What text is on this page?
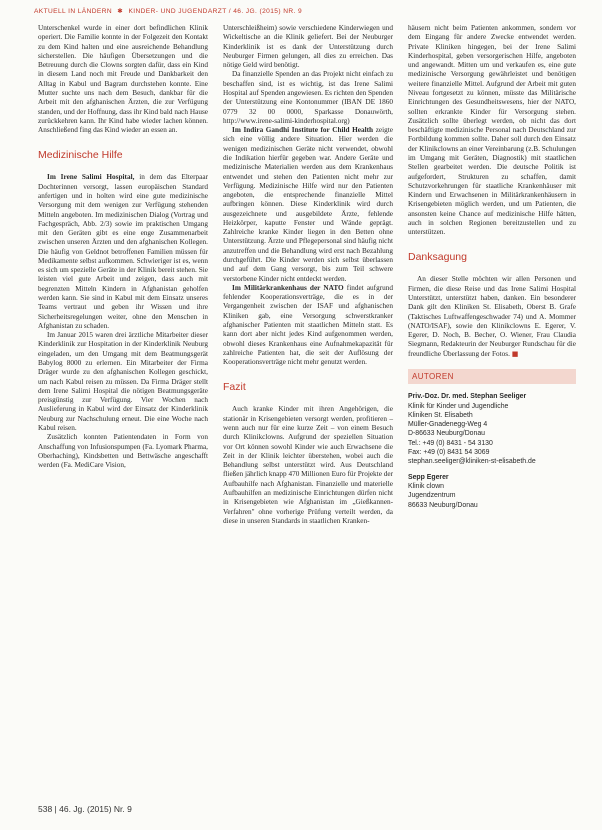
AKTUELL IN LÄNDERN ✱ KINDER- UND JUGENDARZT / 46. JG. (2015) NR. 9

Unterschenkel wurde in einer dort befindlichen Klinik operiert. Die Familie konnte in der Folgezeit den Kontakt zu dem Kind halten und eine ausreichende Behandlung sicherstellen. Die häufigen Übersetzungen und die Betreuung durch die Clowns sorgten dafür, dass ein Kind in diesem Land noch mit Freude und Dankbarkeit den Alltag in Kabul und Bagram durchstehen konnte. Eine Mutter suchte uns nach dem Besuch, dankbar für die Arbeit mit den afghanischen Ärzten, die zur Verfügung standen, und der Hoffnung, dass ihr Kind bald nach Hause zurückkehren kann. Ihr Kind habe wieder lachen können. Anschließend fing das Kind wieder an essen an.

Medizinische Hilfe

Im Irene Salimi Hospital, in dem das Elterpaar Dochterinnen versorgt, lassen europäischen Standard anfertigen und in holten wird eine gute medizinische Versorgung mit dem wenigen zur Verfügung stehenden Mitteln angeboten. Im medizinischen Dialog (Vortrag und Fachgespräch, Abb. 2/3) sowie im praktischen Umgang mit den Geräten gibt es eine enge Zusammenarbeit zwischen unseren Ärzten und den afghanischen Kollegen. Die häufig von Geldnot betroffenen Familien müssen für Medikamente selbst aufkommen. Schwieriger ist es, wenn es sich um spezielle Geräte in der Klinik bereit stehen. Sie leisten viel gute Arbeit und zeigen, dass auch mit begrenzten Mitteln Kindern in Afghanistan geholfen werden kann. Sie sind in Kabul mit dem Einsatz unseres Teams vertraut und geben ihr Wissen und ihre Sicherheitsregelungen weiter, ohne den Menschen in Afghanistan zu schaden.

Im Januar 2015 waren drei ärztliche Mitarbeiter dieser Kinderklinik zur Hospitation in der Kinderklinik Neuburg eingeladen, um den Umgang mit dem Beatmungsgerät Babylog 8000 zu erlernen. Ein Mitarbeiter der Firma Dräger wurde zu den afghanischen Kollegen geschickt, um nach Kabul reisen zu müssen. Da Firma Dräger stellt dem Irene Salimi Hospital die nötigen Beatmungsgeräte preisgünstig zur Verfügung. Vier Wochen nach Auslieferung in Kabul wird der Einsatz der Kinderklinik Neuburg zur Nachschulung erneut. Die eine Woche nach Kabul reisen.

Zusätzlich konnten Patientendaten in Form von Anschaffung von Infusionspumpen (Fa. Lyomark Pharma, Oberhaching), Kindsbetten und Bettwäsche angeschafft werden (Fa. MediCare Vision,

Unterschleißheim) sowie verschiedene Kinderwiegen und Wickeltische an die Klinik geliefert. Bei der Neuburger Kinderklinik ist es dank der Unterstützung durch Neuburger Firmen gelungen, all dies zu erreichen. Das nötige Geld wird benötigt.

Da finanzielle Spenden an das Projekt nicht einfach zu beschaffen sind, ist es wichtig, ist das Irene Salimi Hospital auf Spenden angewiesen. Es richten den Spenden der Unterstützung eine Kontonummer (IBAN DE 1860 0779 32 00 0000, Sparkasse Donauwörth, http://www.irene-salimi-kinderhospital.org)

Im Indira Gandhi Institute for Child Health zeigte sich eine völlig andere Situation. Hier werden die wenigen medizinischen Geräte nicht verwendet, obwohl die Indikation hierfür gegeben war. Andere Geräte und medizinische Materialien werden aus dem Krankenhaus entwendet und stehen den Patienten nicht mehr zur Verfügung. Medizinische Hilfe wird nur den Patienten angeboten, die entsprechende finanzielle Mittel aufbringen können. Diese Kinderklinik wird durch ausgezeichnete und ausgebildete Ärzte, fehlende Heizkörper, kaputte Fenster und Wände geprägt. Zahlreiche kranke Kinder liegen in den Betten ohne Unterstützung. Ärzte und Pflegepersonal sind häufig nicht anzutreffen und die Behandlung wird erst nach Bezahlung durchgeführt. Die Kinder werden sich selbst überlassen und auf dem Gang versorgt, bis zum Teil schwere verstorbene Kinder nicht entdeckt werden.

Im Militärkrankenhaus der NATO findet aufgrund fehlender Kooperationsverträge, die es in der Vergangenheit zwischen der ISAF und afghanischen Kliniken gab, eine Versorgung schwerstkranker afghanischer Patienten mit staatlichen Mitteln statt. Es kann dort aber nicht jedes Kind aufgenommen werden, obwohl dieses Krankenhaus eine Aufnahmekapazität für zahlreiche Patienten hat, die seit der Auflösung der Kooperationsverträge nicht mehr genutzt werden.

Fazit

Auch kranke Kinder mit ihren Angehörigen, die stationär in Krisengebieten versorgt werden, profitieren – wenn auch nur für eine kurze Zeit – von einem Besuch durch Klinikclowns. Aufgrund der speziellen Situation vor Ort können sowohl Kinder wie auch Erwachsene die Zeit in der Klinik leichter überstehen, wobei auch die Behandlung selbst unterstützt wird. Aus Deutschland fließen jährlich knapp 470 Millionen Euro für Projekte der Aufbauhilfe nach Afghanistan. Finanzielle und materielle Aufbauhilfen an medizinische Einrichtungen dürfen nicht in Krisengebieten wie Afghanistan im „Gießkannen-Verfahren" ohne vorherige Prüfung verteilt werden, da diese in unseren Standards in staatlichen Kranken-

häusern nicht beim Patienten ankommen, sondern vor dem Eingang für andere Zwecke entwendet werden. Private Kliniken hingegen, bei der Irene Salimi Kinderhospital, geben versorgerischen Hilfe, angeboten und angewandt. Mitten um und verkaufen es, eine gute medizinische Versorgung gewährleistet und benötigen weitere finanzielle Mittel. Aufgrund der Arbeit mit guten Niveau fortgesetzt zu können, müsste das Militärische Einrichtungen des Gesundheitswesens, hier der NATO, sollten erkrankte Kinder für Versorgung stehen. Zusätzlich sollte überlegt werden, ob nicht das dort beschäftigte medizinische Personal nach Deutschland zur Fortbildung kommen sollte. Daher soll durch den Einsatz der Klinikclowns an einer Vereinbarung (z.B. Schulungen im Umgang mit Geräten, Diagnostik) mit staatlichen Stellen gearbeitet werden. Die deutsche Politik ist aufgefordert, Strukturen zu schaffen, damit Schutzvorkehrungen für staatliche Krankenhäuser mit Kindern und Erwachsenen in Militärkrankenhäusern in Krisengebieten möglich werden, und um Patienten, die ansonsten keine Chance auf medizinische Hilfe hätten, auch in solchen Regionen bereitzustellen und zu unterstützen.

Danksagung

An dieser Stelle möchten wir allen Personen und Firmen, die diese Reise und das Irene Salimi Hospital Unterstützt, unterstützt haben, danken. Ein besonderer Dank gilt den Kliniken St. Elisabeth, Oberst B. Grafe (Taktisches Luftwaffengeschwader 74) und A. Mommer (NATO/ISAF), sowie den Klinikclowns E. Egerer, V. Egerer, D. Noch, B. Becher, O. Wiener, Frau Claudia Siegmann, Redakteurin der Neuburger Rundschau für die freundliche Überlassung der Fotos. ■

AUTOREN
Priv.-Doz. Dr. med. Stephan Seeliger
Klinik für Kinder und Jugendliche
Kliniken St. Elisabeth
Müller-Gnadenegg-Weg 4
D-86633 Neuburg/Donau
Tel.: +49 (0) 8431 - 54 3130
Fax: +49 (0) 8431 54 3069
stephan.seeliger@kliniken-st-elisabeth.de
Sepp Egerer
Klinik clown
Jugendzentrum
86633 Neuburg/Donau
538 | 46. Jg. (2015) Nr. 9
